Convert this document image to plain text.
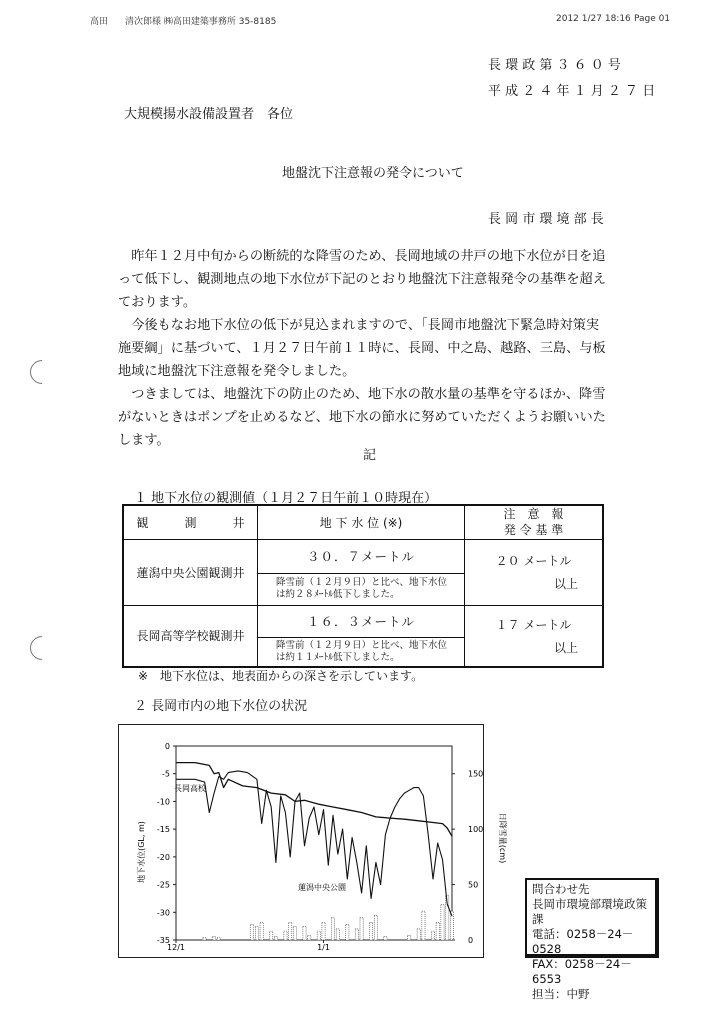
高田 清次郎様 ㈱高田建築事務所 35-8185	2012 1/27 18:16 Page 01
長 環 政 第 ３ ６ ０ 号
平 成 ２ ４ 年 １ 月 ２ ７ 日
大規模揚水設備設置者　各位
地盤沈下注意報の発令について
長 岡 市 環 境 部 長

昨年１２月中旬からの断続的な降雪のため、長岡地域の井戸の地下水位が日を追って低下し、観測地点の地下水位が下記のとおり地盤沈下注意報発令の基準を超えております。

今後もなお地下水位の低下が見込まれますので、「長岡市地盤沈下緊急時対策実施要綱」に基づいて、１月２７日午前１１時に、長岡、中之島、越路、三島、与板地域に地盤沈下注意報を発令しました。

つきましては、地盤沈下の防止のため、地下水の散水量の基準を守るほか、降雪がないときはポンプを止めるなど、地下水の節水に努めていただくようお願いいたします。

記
１ 地下水位の観測値（１月２７日午前１０時現在）
観　　　測　　　井	地 下 水 位 (※)	注　意　報
発 令 基 準

蓮潟中央公園観測井	３０．７メートル	２０ メートル
以上

	降雪前（１２月９日）と比べ、地下水位
は約２８ﾒｰﾄﾙ低下しました。	

長岡高等学校観測井	１６．３メートル	１７ メートル
以上

	降雪前（１２月９日）と比べ、地下水位
は約１１ﾒｰﾄﾙ低下しました。	
※　地下水位は、地表面からの深さを示しています。
２ 長岡市内の地下水位の状況
0
-5
-10
-15
-20
-25
-30
-35
150
100
50
0
12/1	1/1
地下水位(GL, m)	日降雪量(cm)
長岡高校
蓮潟中央公園	問合わせ先
長岡市環境部環境政策課
電話：0258－24－0528
FAX：0258－24－6553
担当：中野
